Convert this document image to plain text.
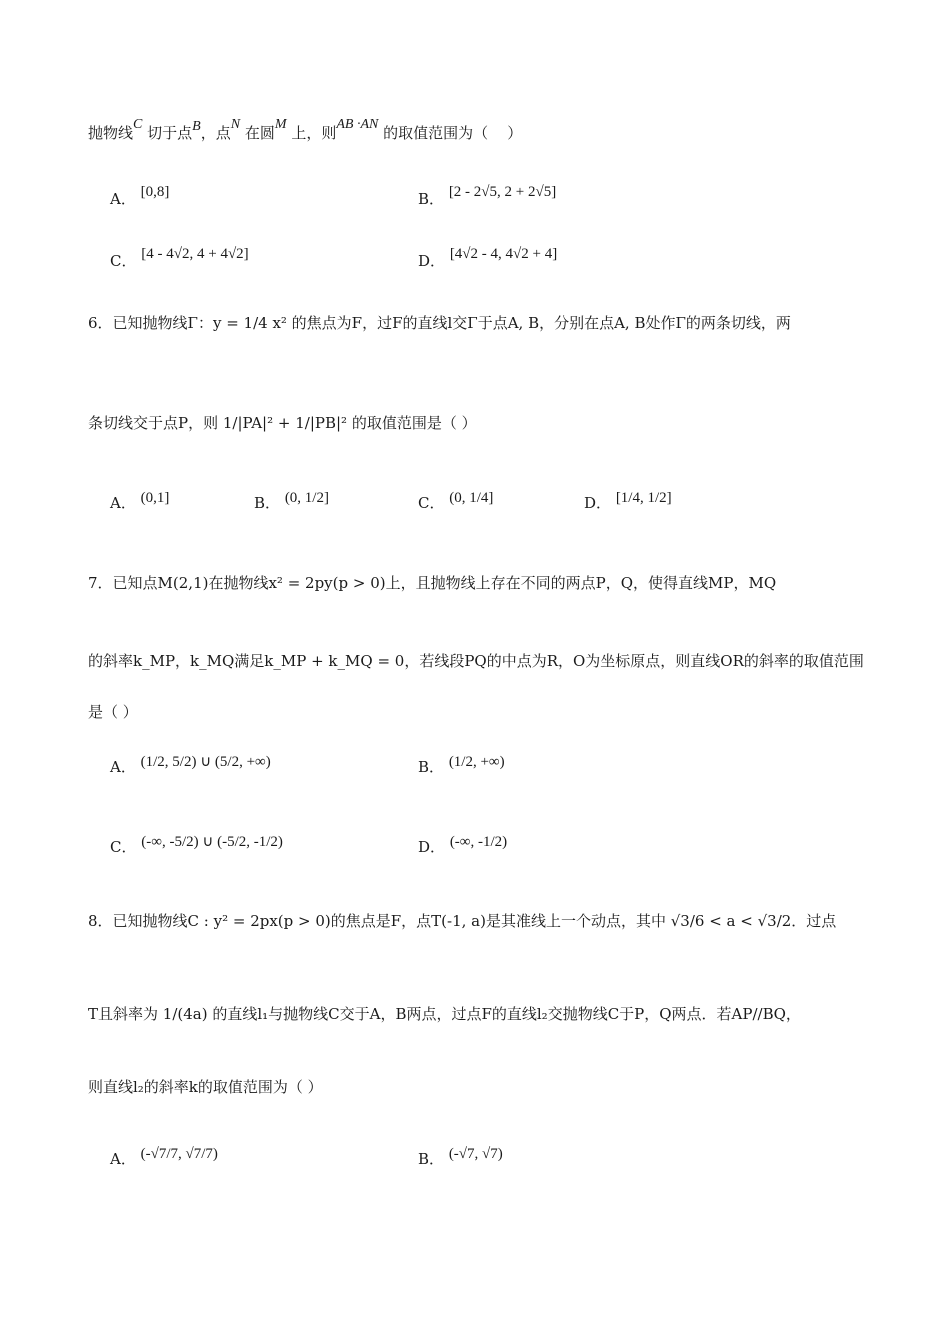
抛物线C 切于点B，点N 在圆M 上，则AB ·AN 的取值范围为（    ）
A． [0,8]	B． [2 - 2√5, 2 + 2√5]
C． [4 - 4√2, 4 + 4√2]	D． [4√2 - 4, 4√2 + 4]
6．已知抛物线Γ：y = 1/4 x² 的焦点为F，过F的直线l交Γ于点A, B，分别在点A, B处作Γ的两条切线，两
条切线交于点P，则 1/|PA|² + 1/|PB|² 的取值范围是（ ）
A． (0,1]	B． (0, 1/2]	C． (0, 1/4]	D． [1/4, 1/2]
7．已知点M(2,1)在抛物线x² = 2py(p > 0)上，且抛物线上存在不同的两点P，Q，使得直线MP，MQ
的斜率k_MP，k_MQ满足k_MP + k_MQ = 0，若线段PQ的中点为R，O为坐标原点，则直线OR的斜率的取值范围
是（ ）
A． (1/2, 5/2) ∪ (5/2, +∞)	B． (1/2, +∞)
C． (-∞, -5/2) ∪ (-5/2, -1/2)	D． (-∞, -1/2)
8．已知抛物线C : y² = 2px(p > 0)的焦点是F，点T(-1, a)是其准线上一个动点，其中 √3/6 < a < √3/2．过点
T且斜率为 1/(4a) 的直线l₁与抛物线C交于A，B两点，过点F的直线l₂交抛物线C于P，Q两点．若AP//BQ，
则直线l₂的斜率k的取值范围为（ ）
A． (-√7/7, √7/7)	B． (-√7, √7)
